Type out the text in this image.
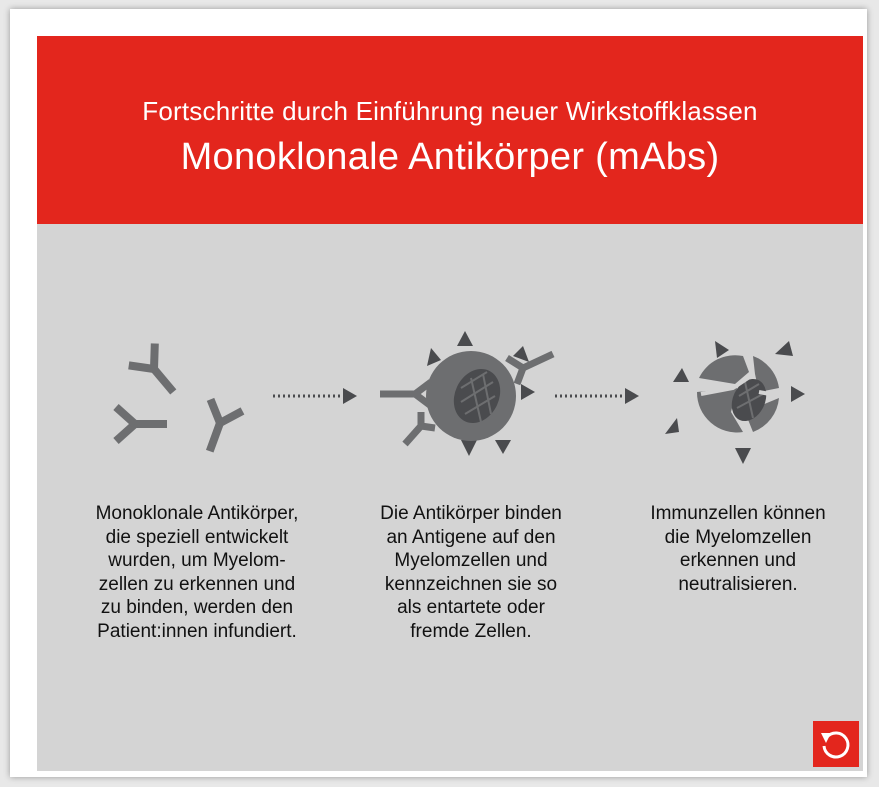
Fortschritte durch Einführung neuer Wirkstoffklassen
Monoklonale Antikörper (mAbs)
Monoklonale Antikörper,
die speziell entwickelt
wurden, um Myelom-
zellen zu erkennen und
zu binden, werden den
Patient:innen infundiert.
Die Antikörper binden
an Antigene auf den
Myelomzellen und
kennzeichnen sie so
als entartete oder
fremde Zellen.
Immunzellen können
die Myelomzellen
erkennen und
neutralisieren.
